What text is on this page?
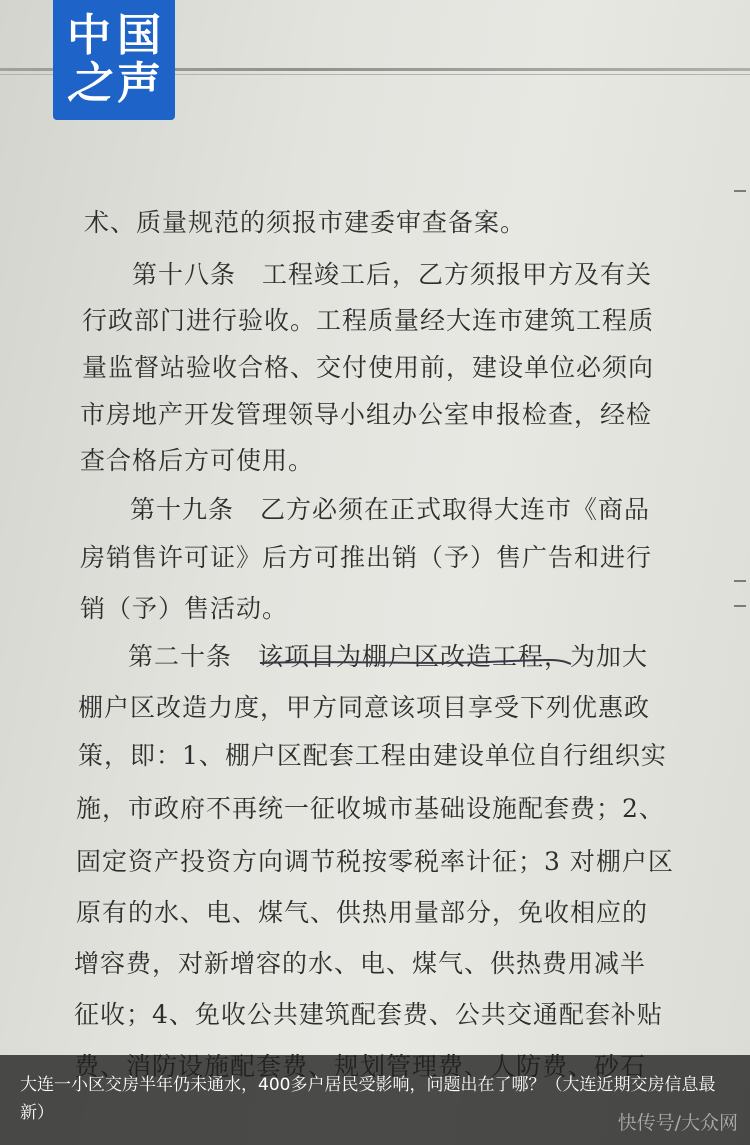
术、质量规范的须报市建委审查备案。
第十八条　工程竣工后，乙方须报甲方及有关
行政部门进行验收。工程质量经大连市建筑工程质
量监督站验收合格、交付使用前，建设单位必须向
市房地产开发管理领导小组办公室申报检查，经检
查合格后方可使用。
第十九条　乙方必须在正式取得大连市《商品
房销售许可证》后方可推出销（予）售广告和进行
销（予）售活动。
第二十条　该项目为棚户区改造工程，为加大
棚户区改造力度，甲方同意该项目享受下列优惠政
策，即：1、棚户区配套工程由建设单位自行组织实
施，市政府不再统一征收城市基础设施配套费；2、
固定资产投资方向调节税按零税率计征；3 对棚户区
原有的水、电、煤气、供热用量部分，免收相应的
增容费，对新增容的水、电、煤气、供热费用减半
征收；4、免收公共建筑配套费、公共交通配套补贴
中 国
之 声
大连一小区交房半年仍未通水，400多户居民受影响，问题出在了哪？（大连近期交房信息最新）	快传号/大众网
